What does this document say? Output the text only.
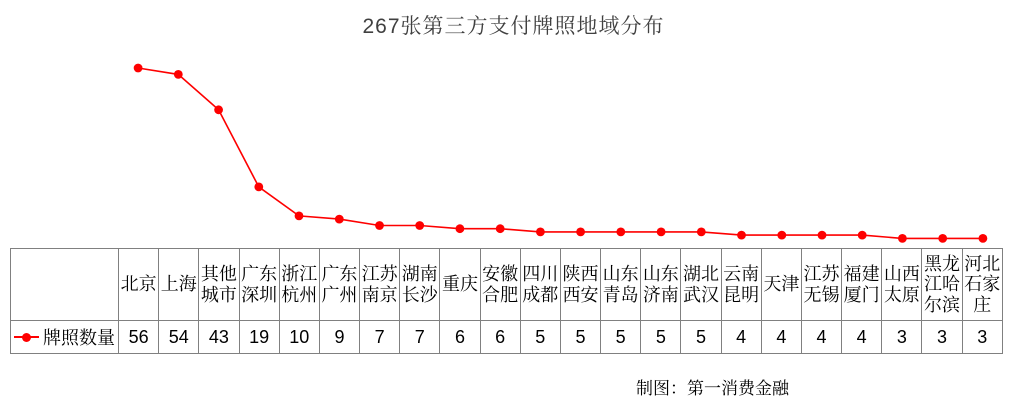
267张第三方支付牌照地域分布
	北京	上海	其他城市	广东深圳	浙江杭州	广东广州	江苏南京	湖南长沙	重庆	安徽合肥	四川成都	陕西西安	山东青岛	山东济南	湖北武汉	云南昆明	天津	江苏无锡	福建厦门	山西太原	黑龙江哈尔滨	河北石家庄

牌照数量	56	54	43	19	10	9	7	7	6	6	5	5	5	5	5	4	4	4	4	3	3	3
制图：第一消费金融
